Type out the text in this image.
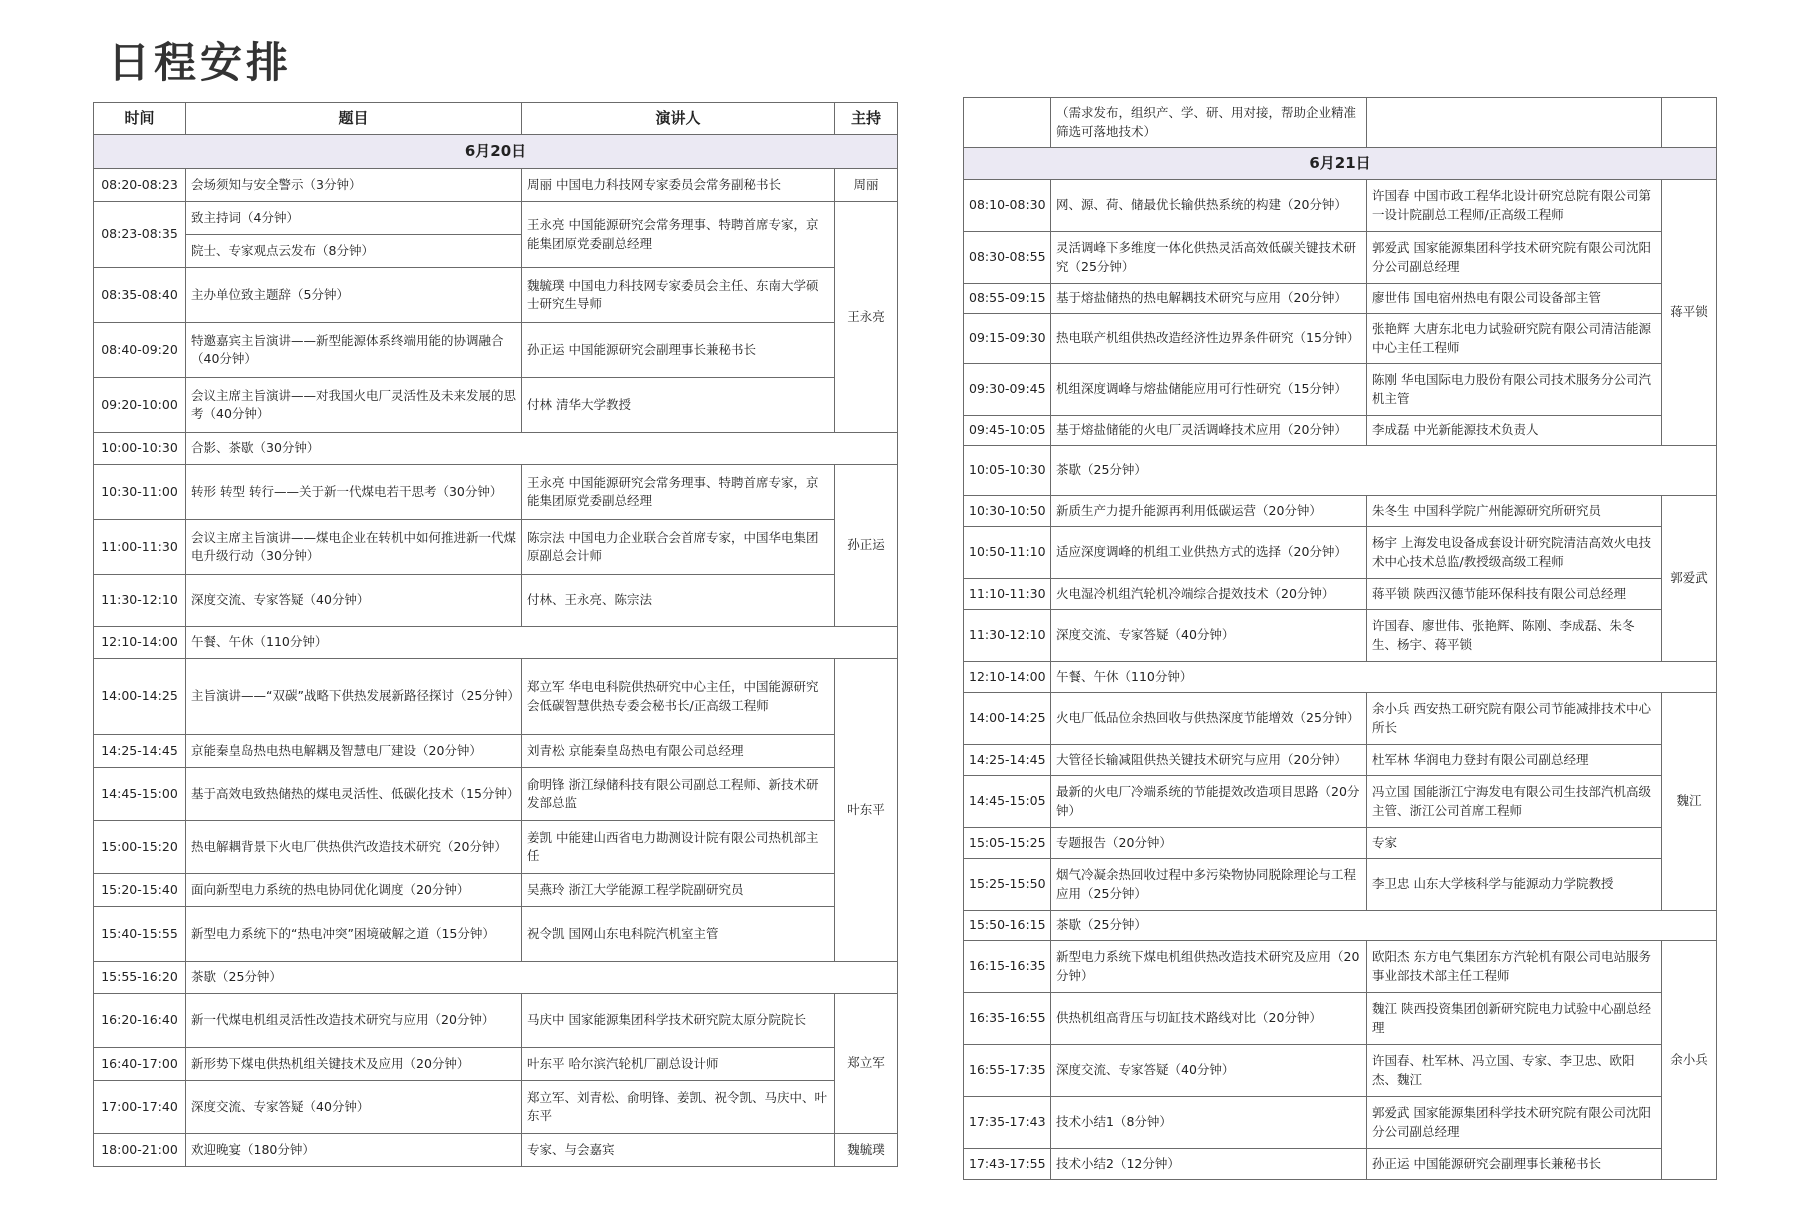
日程安排
时间	题目	演讲人	主持
6月20日			
08:20-08:23	会场须知与安全警示（3分钟）	周丽 中国电力科技网专家委员会常务副秘书长	周丽
08:23-08:35	致主持词（4分钟）	王永亮 中国能源研究会常务理事、特聘首席专家，京能集团原党委副总经理	王永亮
	院士、专家观点云发布（8分钟）		
08:35-08:40	主办单位致主题辞（5分钟）	魏毓璞 中国电力科技网专家委员会主任、东南大学硕士研究生导师	
08:40-09:20	特邀嘉宾主旨演讲——新型能源体系终端用能的协调融合（40分钟）	孙正运 中国能源研究会副理事长兼秘书长	
09:20-10:00	会议主席主旨演讲——对我国火电厂灵活性及未来发展的思考（40分钟）	付林 清华大学教授	
10:00-10:30	合影、茶歇（30分钟）		
10:30-11:00	转形 转型 转行——关于新一代煤电若干思考（30分钟）	王永亮 中国能源研究会常务理事、特聘首席专家，京能集团原党委副总经理	孙正运
11:00-11:30	会议主席主旨演讲——煤电企业在转机中如何推进新一代煤电升级行动（30分钟）	陈宗法 中国电力企业联合会首席专家，中国华电集团原副总会计师	
11:30-12:10	深度交流、专家答疑（40分钟）	付林、王永亮、陈宗法	
12:10-14:00	午餐、午休（110分钟）		
14:00-14:25	主旨演讲——“双碳”战略下供热发展新路径探讨（25分钟）	郑立军 华电电科院供热研究中心主任，中国能源研究会低碳智慧供热专委会秘书长/正高级工程师	叶东平
14:25-14:45	京能秦皇岛热电热电解耦及智慧电厂建设（20分钟）	刘青松 京能秦皇岛热电有限公司总经理	
14:45-15:00	基于高效电致热储热的煤电灵活性、低碳化技术（15分钟）	俞明锋 浙江绿储科技有限公司副总工程师、新技术研发部总监	
15:00-15:20	热电解耦背景下火电厂供热供汽改造技术研究（20分钟）	姜凯 中能建山西省电力勘测设计院有限公司热机部主任	
15:20-15:40	面向新型电力系统的热电协同优化调度（20分钟）	吴燕玲 浙江大学能源工程学院副研究员	
15:40-15:55	新型电力系统下的“热电冲突”困境破解之道（15分钟）	祝令凯 国网山东电科院汽机室主管	
15:55-16:20	茶歇（25分钟）		
16:20-16:40	新一代煤电机组灵活性改造技术研究与应用（20分钟）	马庆中 国家能源集团科学技术研究院太原分院院长	郑立军
16:40-17:00	新形势下煤电供热机组关键技术及应用（20分钟）	叶东平 哈尔滨汽轮机厂副总设计师	
17:00-17:40	深度交流、专家答疑（40分钟）	郑立军、刘青松、俞明锋、姜凯、祝令凯、马庆中、叶东平	
18:00-21:00	欢迎晚宴（180分钟）	专家、与会嘉宾	魏毓璞
	（需求发布，组织产、学、研、用对接，帮助企业精准筛选可落地技术）		
6月21日			
08:10-08:30	网、源、荷、储最优长输供热系统的构建（20分钟）	许国春 中国市政工程华北设计研究总院有限公司第一设计院副总工程师/正高级工程师	蒋平锁
08:30-08:55	灵活调峰下多维度一体化供热灵活高效低碳关键技术研究（25分钟）	郭爱武 国家能源集团科学技术研究院有限公司沈阳分公司副总经理	
08:55-09:15	基于熔盐储热的热电解耦技术研究与应用（20分钟）	廖世伟 国电宿州热电有限公司设备部主管	
09:15-09:30	热电联产机组供热改造经济性边界条件研究（15分钟）	张艳辉 大唐东北电力试验研究院有限公司清洁能源中心主任工程师	
09:30-09:45	机组深度调峰与熔盐储能应用可行性研究（15分钟）	陈刚 华电国际电力股份有限公司技术服务分公司汽机主管	
09:45-10:05	基于熔盐储能的火电厂灵活调峰技术应用（20分钟）	李成磊 中光新能源技术负责人	
10:05-10:30	茶歇（25分钟）		
10:30-10:50	新质生产力提升能源再利用低碳运营（20分钟）	朱冬生 中国科学院广州能源研究所研究员	郭爱武
10:50-11:10	适应深度调峰的机组工业供热方式的选择（20分钟）	杨宇 上海发电设备成套设计研究院清洁高效火电技术中心技术总监/教授级高级工程师	
11:10-11:30	火电湿冷机组汽轮机冷端综合提效技术（20分钟）	蒋平锁 陕西汉德节能环保科技有限公司总经理	
11:30-12:10	深度交流、专家答疑（40分钟）	许国春、廖世伟、张艳辉、陈刚、李成磊、朱冬生、杨宇、蒋平锁	
12:10-14:00	午餐、午休（110分钟）		
14:00-14:25	火电厂低品位余热回收与供热深度节能增效（25分钟）	余小兵 西安热工研究院有限公司节能减排技术中心所长	魏江
14:25-14:45	大管径长输减阻供热关键技术研究与应用（20分钟）	杜军林 华润电力登封有限公司副总经理	
14:45-15:05	最新的火电厂冷端系统的节能提效改造项目思路（20分钟）	冯立国 国能浙江宁海发电有限公司生技部汽机高级主管、浙江公司首席工程师	
15:05-15:25	专题报告（20分钟）	专家	
15:25-15:50	烟气冷凝余热回收过程中多污染物协同脱除理论与工程应用（25分钟）	李卫忠 山东大学核科学与能源动力学院教授	
15:50-16:15	茶歇（25分钟）		
16:15-16:35	新型电力系统下煤电机组供热改造技术研究及应用（20分钟）	欧阳杰 东方电气集团东方汽轮机有限公司电站服务事业部技术部主任工程师	余小兵
16:35-16:55	供热机组高背压与切缸技术路线对比（20分钟）	魏江 陕西投资集团创新研究院电力试验中心副总经理	
16:55-17:35	深度交流、专家答疑（40分钟）	许国春、杜军林、冯立国、专家、李卫忠、欧阳杰、魏江	
17:35-17:43	技术小结1（8分钟）	郭爱武 国家能源集团科学技术研究院有限公司沈阳分公司副总经理	
17:43-17:55	技术小结2（12分钟）	孙正运 中国能源研究会副理事长兼秘书长	
